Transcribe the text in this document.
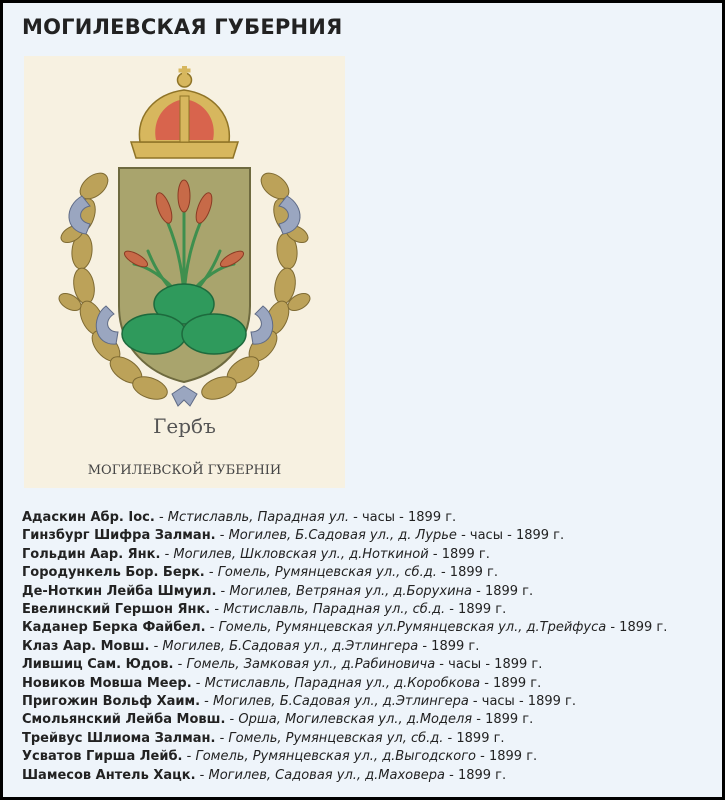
МОГИЛЕВСКАЯ ГУБЕРНИЯ
Гербъ
МОГИЛЕВСКОЙ ГУБЕРНІИ
Адаскин Абр. Іос. - Мстиславль, Парадная ул. - часы - 1899 г.
Гинзбург Шифра Залман. - Могилев, Б.Садовая ул., д. Лурье - часы - 1899 г.
Гольдин Аар. Янк. - Могилев, Шкловская ул., д.Ноткиной - 1899 г.
Городункель Бор. Берк. - Гомель, Румянцевская ул., сб.д. - 1899 г.
Де-Ноткин Лейба Шмуил. - Могилев, Ветряная ул., д.Борухина - 1899 г.
Евелинский Гершон Янк. - Мстиславль, Парадная ул., сб.д. - 1899 г.
Каданер Берка Файбел. - Гомель, Румянцевская ул.Румянцевская ул., д.Трейфуса - 1899 г.
Клаз Аар. Мовш. - Могилев, Б.Садовая ул., д.Этлингера - 1899 г.
Лившиц Сам. Юдов. - Гомель, Замковая ул., д.Рабиновича - часы - 1899 г.
Новиков Мовша Меер. - Мстиславль, Парадная ул., д.Коробкова - 1899 г.
Пригожин Вольф Хаим. - Могилев, Б.Садовая ул., д.Этлингера - часы - 1899 г.
Смольянский Лейба Мовш. - Орша, Могилевская ул., д.Моделя - 1899 г.
Трейвус Шлиома Залман. - Гомель, Румянцевская ул, сб.д. - 1899 г.
Усватов Гирша Лейб. - Гомель, Румянцевская ул., д.Выгодского - 1899 г.
Шамесов Антель Хацк. - Могилев, Садовая ул., д.Маховера - 1899 г.
